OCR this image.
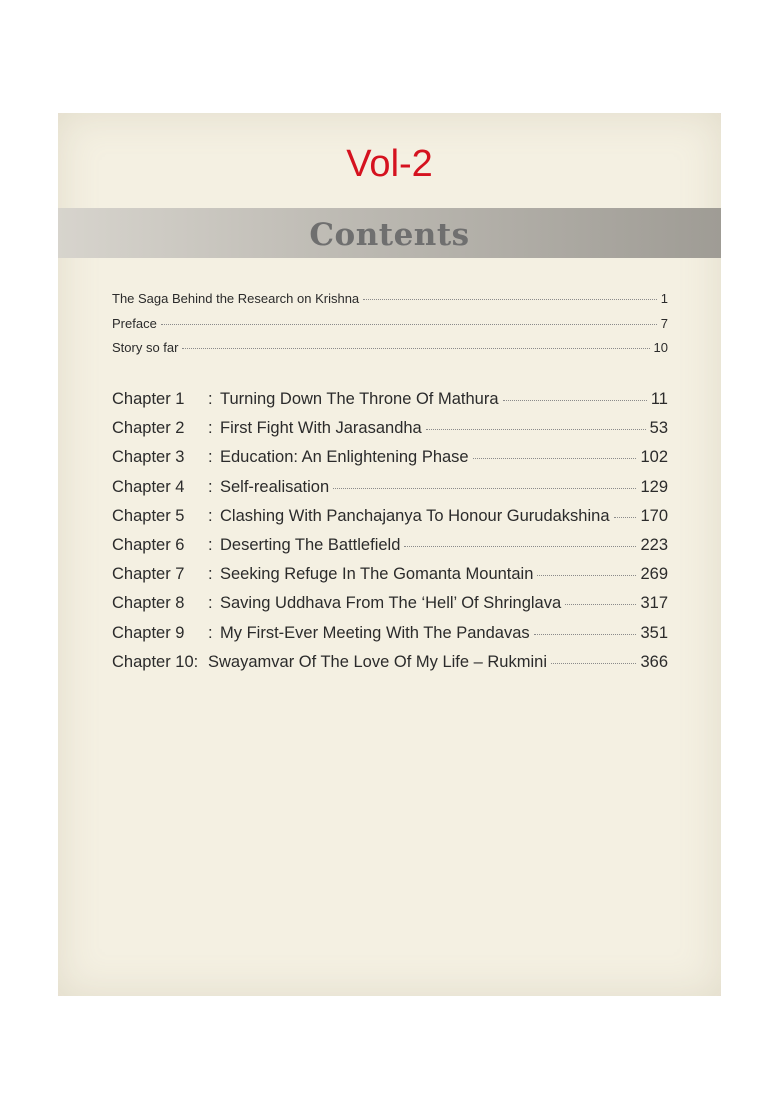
Vol-2
Contents
The Saga Behind the Research on Krishna	1
Preface	7
Story so far	10
Chapter 1	: Turning Down The Throne Of Mathura	11
Chapter 2	: First Fight With Jarasandha	53
Chapter 3	: Education: An Enlightening Phase	102
Chapter 4	: Self-realisation	129
Chapter 5	: Clashing With Panchajanya To Honour Gurudakshina 170
Chapter 6	: Deserting The Battlefield	223
Chapter 7	: Seeking Refuge In The Gomanta Mountain	269
Chapter 8	: Saving Uddhava From The ‘Hell’ Of Shringlava	317
Chapter 9	: My First-Ever Meeting With The Pandavas	351
Chapter 10: Swayamvar Of The Love Of My Life – Rukmini	366
